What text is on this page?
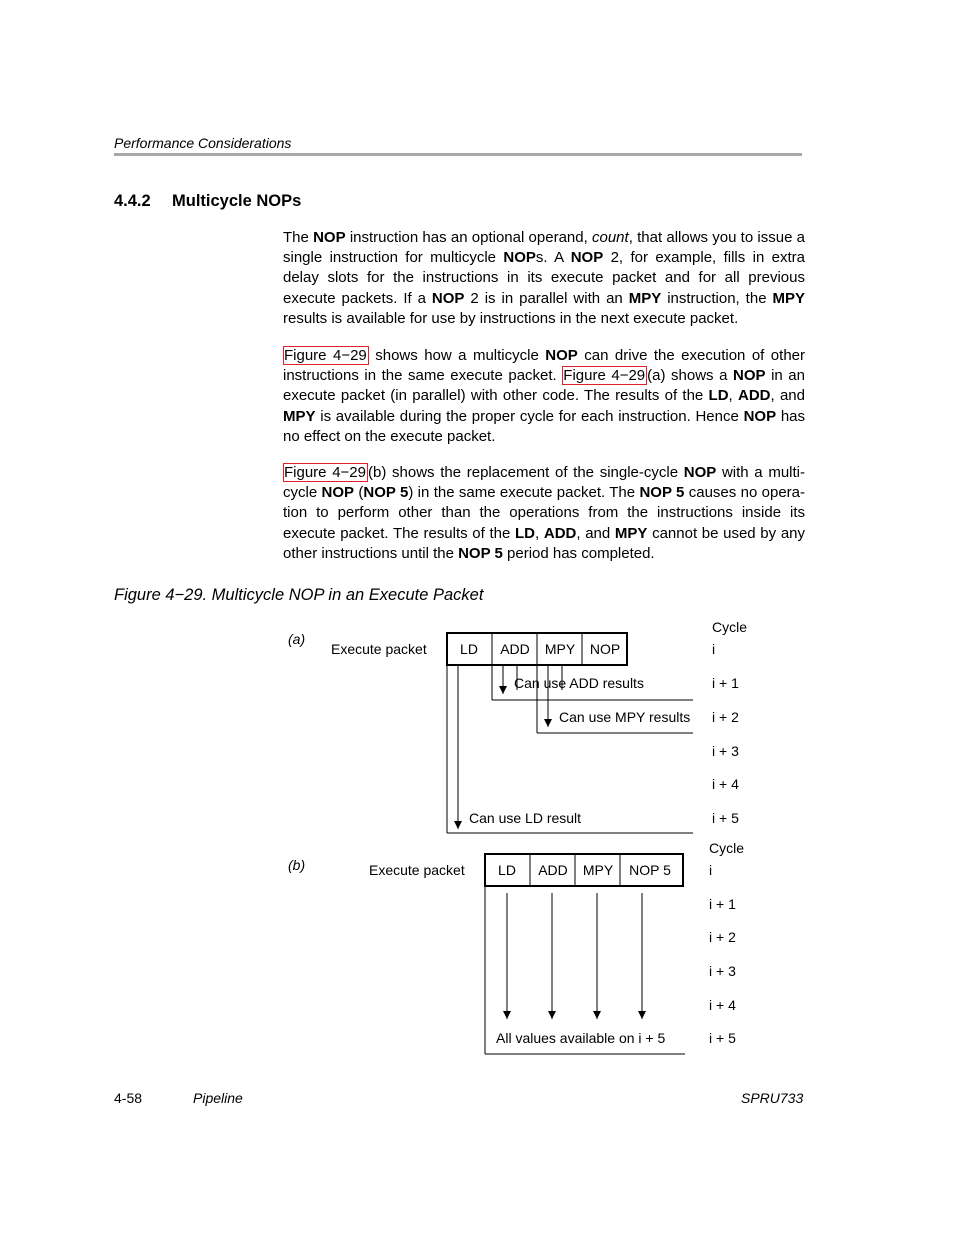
Performance Considerations
4.4.2 Multicycle NOPs
The NOP instruction has an optional operand, count, that allows you to issue a single instruction for multicycle NOPs. A NOP 2, for example, fills in extra delay slots for the instructions in its execute packet and for all previous execute packets. If a NOP 2 is in parallel with an MPY instruction, the MPY results is available for use by instructions in the next execute packet.
Figure 4−29 shows how a multicycle NOP can drive the execution of other instructions in the same execute packet. Figure 4−29 (a) shows a NOP in an execute packet (in parallel) with other code. The results of the LD, ADD, and MPY is available during the proper cycle for each instruction. Hence NOP has no effect on the execute packet.
Figure 4−29 (b) shows the replacement of the single-cycle NOP with a multi-cycle NOP (NOP 5) in the same execute packet. The NOP 5 causes no opera-tion to perform other than the operations from the instructions inside its execute packet. The results of the LD, ADD, and MPY cannot be used by any other instructions until the NOP 5 period has completed.
Figure 4−29. Multicycle NOP in an Execute Packet
(a)
Execute packet LD ADD MPY NOP
Can use ADD results
Can use MPY results
Can use LD result
Cycle
i
i + 1
i + 2
i + 3
i + 4
i + 5
(b)	Execute packet LD ADD MPY NOP 5
All values available on i + 5
Cycle
i
i + 1
i + 2
i + 3
i + 4
i + 5
4-58	Pipeline	SPRU733
